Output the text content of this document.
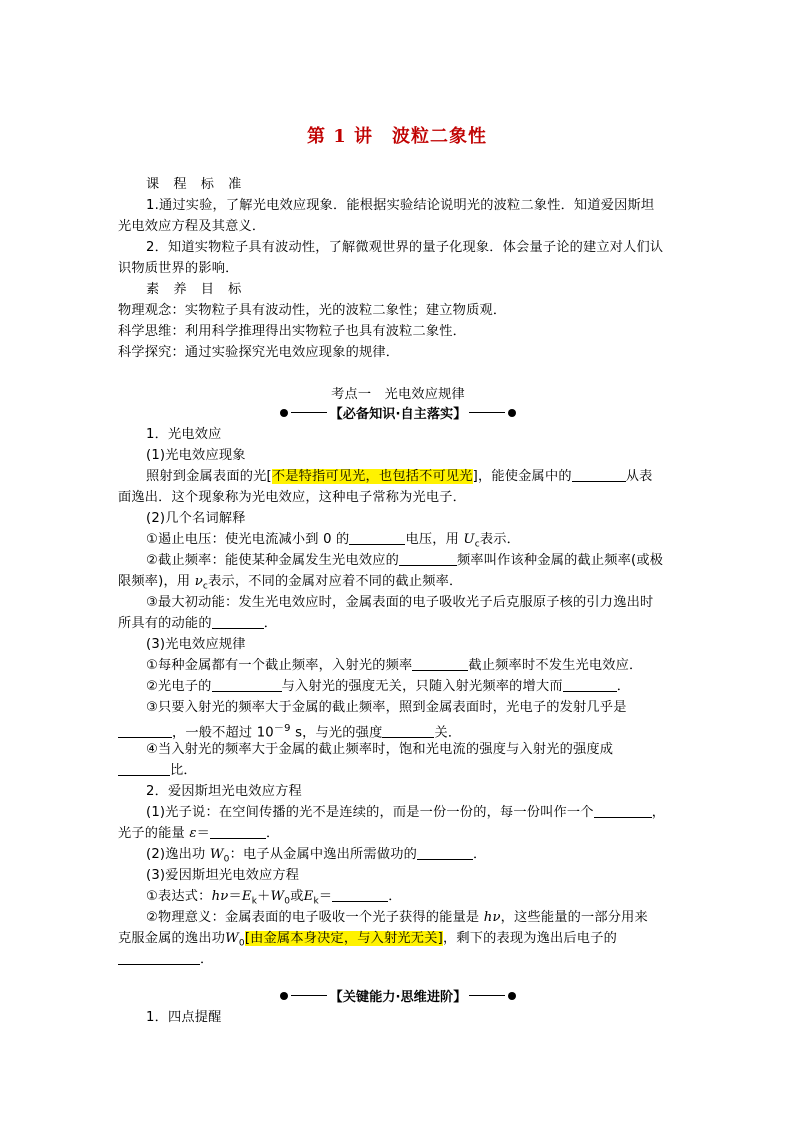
第 1 讲　波粒二象性
课 程 标 准
1.通过实验，了解光电效应现象．能根据实验结论说明光的波粒二象性．知道爱因斯坦
光电效应方程及其意义．
2．知道实物粒子具有波动性，了解微观世界的量子化现象．体会量子论的建立对人们认
识物质世界的影响．
素 养 目 标
物理观念：实物粒子具有波动性，光的波粒二象性；建立物质观．
科学思维：利用科学推理得出实物粒子也具有波粒二象性．
科学探究：通过实验探究光电效应现象的规律．
考点一　光电效应规律
【必备知识·自主落实】
1．光电效应
(1)光电效应现象
照射到金属表面的光[不是特指可见光，也包括不可见光]，能使金属中的	从表
面逸出．这个现象称为光电效应，这种电子常称为光电子．
(2)几个名词解释
①遏止电压：使光电流减小到 0 的	电压，用 $U_c$表示．
②截止频率：能使某种金属发生光电效应的	频率叫作该种金属的截止频率(或极
限频率)，用 $\nu_c$表示，不同的金属对应着不同的截止频率．
③最大初动能：发生光电效应时，金属表面的电子吸收光子后克服原子核的引力逸出时
所具有的动能的	．
(3)光电效应规律
①每种金属都有一个截止频率，入射光的频率	截止频率时不发生光电效应．
②光电子的	与入射光的强度无关，只随入射光频率的增大而	．
③只要入射光的频率大于金属的截止频率，照到金属表面时，光电子的发射几乎是
，一般不超过 $10^{-9}$ s，与光的强度	关．
④当入射光的频率大于金属的截止频率时，饱和光电流的强度与入射光的强度成
比．
2．爱因斯坦光电效应方程
(1)光子说：在空间传播的光不是连续的，而是一份一份的，每一份叫作一个	，
光子的能量 ε＝	．
(2)逸出功 $W_0$：电子从金属中逸出所需做功的	．
(3)爱因斯坦光电效应方程
①表达式：$h\nu=E_k+W_0$或$E_k=$	．
②物理意义：金属表面的电子吸收一个光子获得的能量是 hν，这些能量的一部分用来
克服金属的逸出功$W_0$[由金属本身决定，与入射光无关]，剩下的表现为逸出后电子的
．
【关键能力·思维进阶】
1．四点提醒
